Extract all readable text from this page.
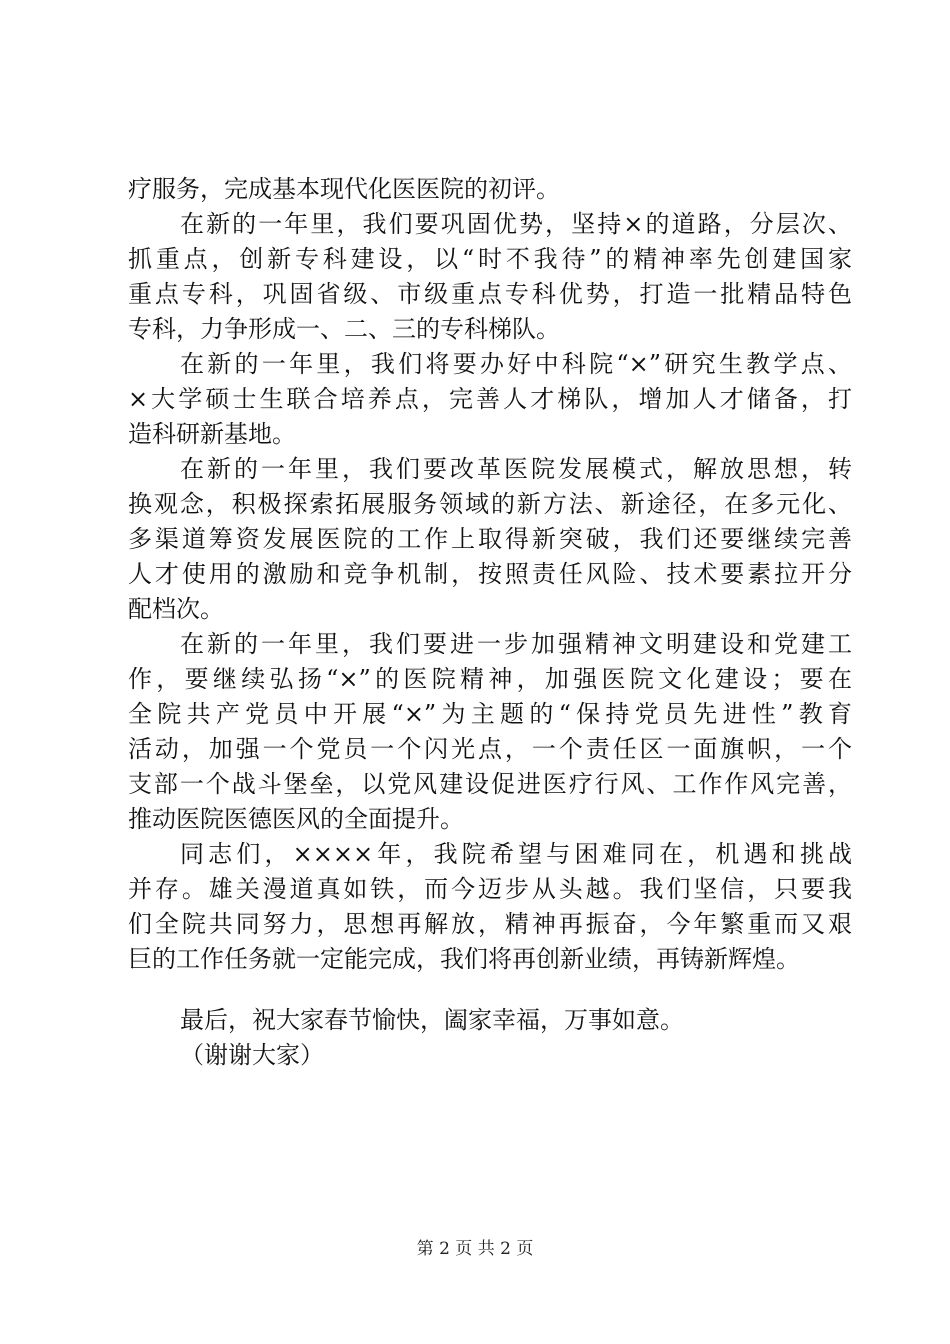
疗服务，完成基本现代化医医院的初评。
在新的一年里，我们要巩固优势，坚持×的道路，分层次、
抓重点，创新专科建设，以“时不我待”的精神率先创建国家
重点专科，巩固省级、市级重点专科优势，打造一批精品特色
专科，力争形成一、二、三的专科梯队。
在新的一年里，我们将要办好中科院“×”研究生教学点、
×大学硕士生联合培养点，完善人才梯队，增加人才储备，打
造科研新基地。
在新的一年里，我们要改革医院发展模式，解放思想，转
换观念，积极探索拓展服务领域的新方法、新途径，在多元化、
多渠道筹资发展医院的工作上取得新突破，我们还要继续完善
人才使用的激励和竞争机制，按照责任风险、技术要素拉开分
配档次。
在新的一年里，我们要进一步加强精神文明建设和党建工
作，要继续弘扬“×”的医院精神，加强医院文化建设；要在
全院共产党员中开展“×”为主题的“保持党员先进性”教育
活动，加强一个党员一个闪光点，一个责任区一面旗帜，一个
支部一个战斗堡垒，以党风建设促进医疗行风、工作作风完善，
推动医院医德医风的全面提升。
同志们，××××年，我院希望与困难同在，机遇和挑战
并存。雄关漫道真如铁，而今迈步从头越。我们坚信，只要我
们全院共同努力，思想再解放，精神再振奋，今年繁重而又艰
巨的工作任务就一定能完成，我们将再创新业绩，再铸新辉煌。
最后，祝大家春节愉快，阖家幸福，万事如意。
（谢谢大家）
第 2 页 共 2 页
